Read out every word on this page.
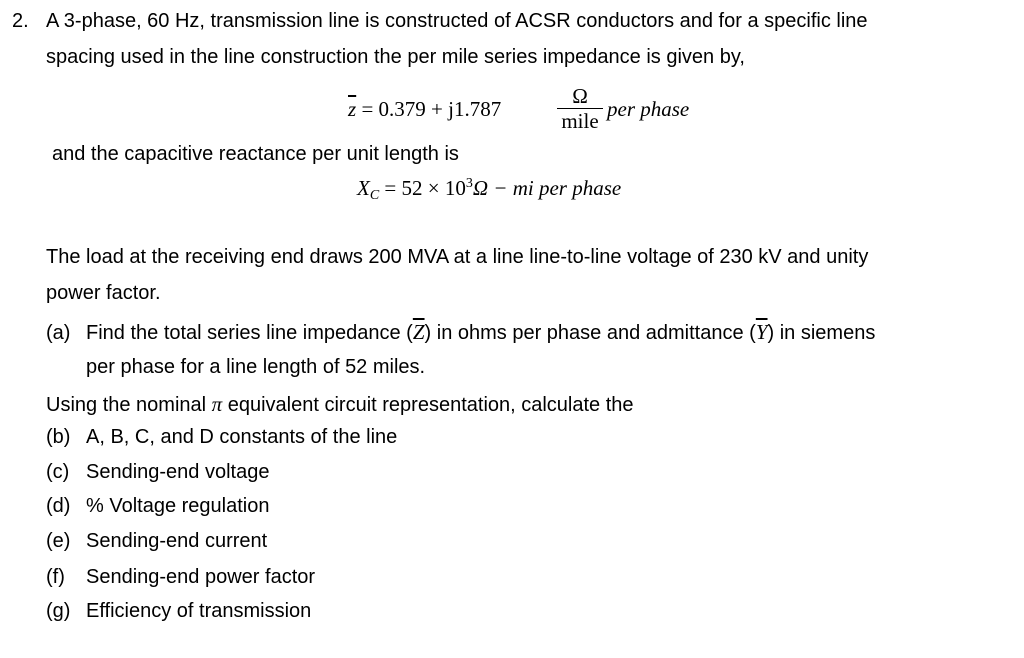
2. A 3-phase, 60 Hz, transmission line is constructed of ACSR conductors and for a specific line
spacing used in the line construction the per mile series impedance is given by,
$\overline{z} = 0.379 + j1.787$
Ω
mile per phase
and the capacitive reactance per unit length is
$X_C = 52 \times 10^3\Omega$ − mi per phase
The load at the receiving end draws 200 MVA at a line line-to-line voltage of 230 kV and unity
power factor.
(a) Find the total series line impedance $(\overline{Z})$ in ohms per phase and admittance $(\overline{Y})$ in siemens
per phase for a line length of 52 miles.
Using the nominal π equivalent circuit representation, calculate the
(b) A, B, C, and D constants of the line
(c) Sending-end voltage
(d) % Voltage regulation
(e) Sending-end current
(f) Sending-end power factor
(g) Efficiency of transmission
